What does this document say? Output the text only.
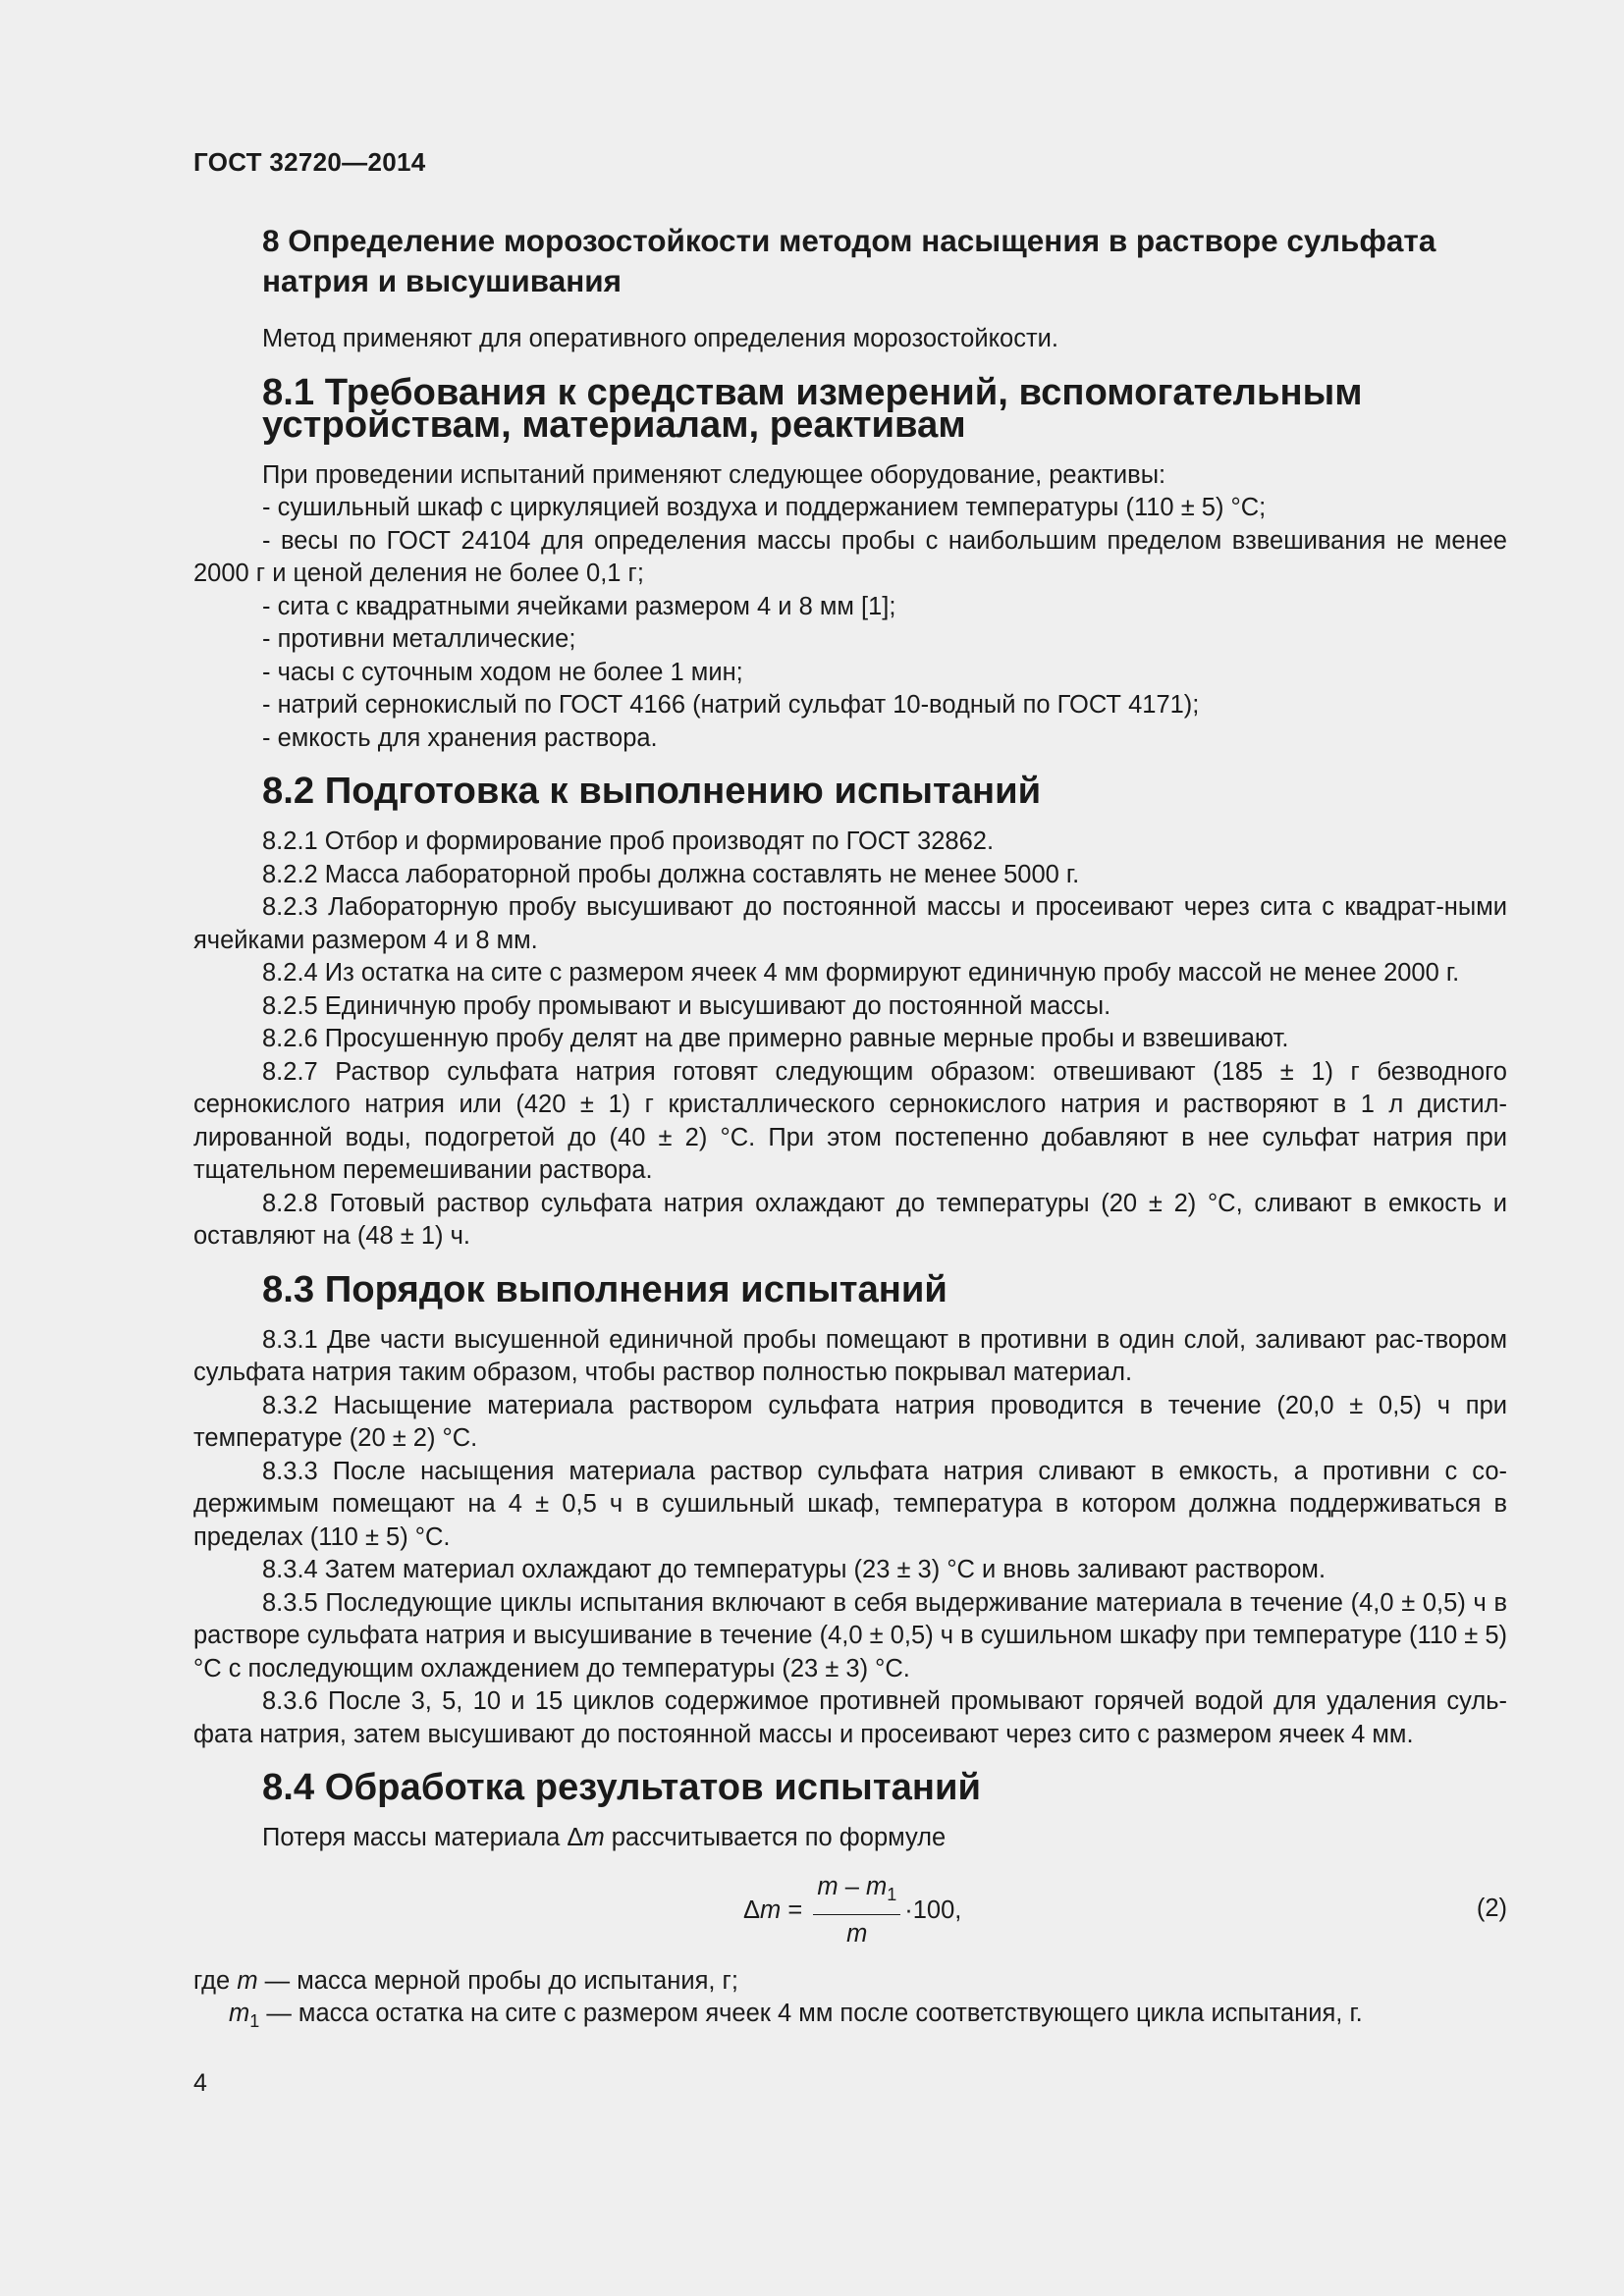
ГОСТ 32720—2014
8 Определение морозостойкости методом насыщения в растворе сульфата натрия и высушивания

Метод применяют для оперативного определения морозостойкости.

8.1 Требования к средствам измерений, вспомогательным устройствам, материалам, реактивам

При проведении испытаний применяют следующее оборудование, реактивы:

- сушильный шкаф с циркуляцией воздуха и поддержанием температуры (110 ± 5) °С;

- весы по ГОСТ 24104 для определения массы пробы с наибольшим пределом взвешивания не менее 2000 г и ценой деления не более 0,1 г;

- сита с квадратными ячейками размером 4 и 8 мм [1];

- противни металлические;

- часы с суточным ходом не более 1 мин;

- натрий сернокислый по ГОСТ 4166 (натрий сульфат 10-водный по ГОСТ 4171);

- емкость для хранения раствора.

8.2 Подготовка к выполнению испытаний

8.2.1 Отбор и формирование проб производят по ГОСТ 32862.

8.2.2 Масса лабораторной пробы должна составлять не менее 5000 г.

8.2.3 Лабораторную пробу высушивают до постоянной массы и просеивают через сита с квадрат-ными ячейками размером 4 и 8 мм.

8.2.4 Из остатка на сите с размером ячеек 4 мм формируют единичную пробу массой не менее 2000 г.

8.2.5 Единичную пробу промывают и высушивают до постоянной массы.

8.2.6 Просушенную пробу делят на две примерно равные мерные пробы и взвешивают.

8.2.7 Раствор сульфата натрия готовят следующим образом: отвешивают (185 ± 1) г безводного сернокислого натрия или (420 ± 1) г кристаллического сернокислого натрия и растворяют в 1 л дистил-лированной воды, подогретой до (40 ± 2) °С. При этом постепенно добавляют в нее сульфат натрия при тщательном перемешивании раствора.

8.2.8 Готовый раствор сульфата натрия охлаждают до температуры (20 ± 2) °С, сливают в емкость и оставляют на (48 ± 1) ч.

8.3 Порядок выполнения испытаний

8.3.1 Две части высушенной единичной пробы помещают в противни в один слой, заливают рас-твором сульфата натрия таким образом, чтобы раствор полностью покрывал материал.

8.3.2 Насыщение материала раствором сульфата натрия проводится в течение (20,0 ± 0,5) ч при температуре (20 ± 2) °С.

8.3.3 После насыщения материала раствор сульфата натрия сливают в емкость, а противни с со-держимым помещают на 4 ± 0,5 ч в сушильный шкаф, температура в котором должна поддерживаться в пределах (110 ± 5) °С.

8.3.4 Затем материал охлаждают до температуры (23 ± 3) °С и вновь заливают раствором.

8.3.5 Последующие циклы испытания включают в себя выдерживание материала в течение (4,0 ± 0,5) ч в растворе сульфата натрия и высушивание в течение (4,0 ± 0,5) ч в сушильном шкафу при температуре (110 ± 5) °С с последующим охлаждением до температуры (23 ± 3) °С.

8.3.6 После 3, 5, 10 и 15 циклов содержимое противней промывают горячей водой для удаления суль-фата натрия, затем высушивают до постоянной массы и просеивают через сито с размером ячеек 4 мм.

8.4 Обработка результатов испытаний

Потеря массы материала Δm рассчитывается по формуле

Δ $m = \frac{m - m_1}{m} \cdot 100$,	(2)

где m — масса мерной пробы до испытания, г;

$m_1$ — масса остатка на сите с размером ячеек 4 мм после соответствующего цикла испытания, г.

4
